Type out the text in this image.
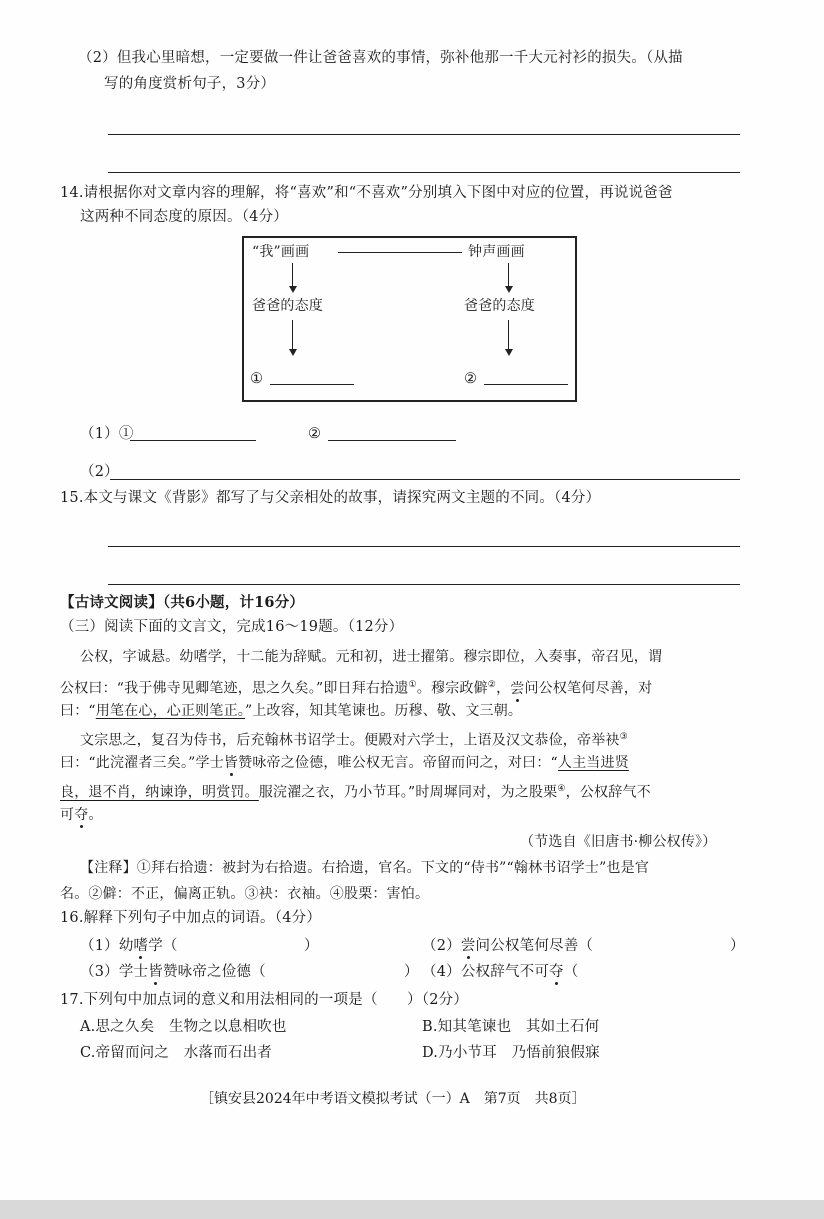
（2）但我心里暗想，一定要做一件让爸爸喜欢的事情，弥补他那一千大元衬衫的损失。（从描
写的角度赏析句子，3分）
14.请根据你对文章内容的理解，将“喜欢”和“不喜欢”分别填入下图中对应的位置，再说说爸爸
这两种不同态度的原因。（4分）
“我”画画	钟声画画
爸爸的态度	爸爸的态度
①	②
（1）①	②
（2）
15.本文与课文《背影》都写了与父亲相处的故事，请探究两文主题的不同。（4分）
【古诗文阅读】（共6小题，计16分）
（三）阅读下面的文言文，完成16～19题。（12分）
公权，字诚悬。幼嗜学，十二能为辞赋。元和初，进士擢第。穆宗即位，入奏事，帝召见，谓
公权曰：“我于佛寺见卿笔迹，思之久矣。”即日拜右拾遗①。穆宗政僻②，尝问公权笔何尽善，对
曰：“用笔在心，心正则笔正。”上改容，知其笔谏也。历穆、敬、文三朝。
文宗思之，复召为侍书，后充翰林书诏学士。便殿对六学士，上语及汉文恭俭，帝举袂③
曰：“此浣濯者三矣。”学士皆赞咏帝之俭德，唯公权无言。帝留而问之，对曰：“人主当进贤
良，退不肖，纳谏诤，明赏罚。服浣濯之衣，乃小节耳。”时周墀同对，为之股栗④，公权辞气不
可夺。
（节选自《旧唐书·柳公权传》）
【注释】①拜右拾遗：被封为右拾遗。右拾遗，官名。下文的“侍书”“翰林书诏学士”也是官
名。②僻：不正，偏离正轨。③袂：衣袖。④股栗：害怕。
16.解释下列句子中加点的词语。（4分）
（1）幼嗜学（	）	（2）尝问公权笔何尽善（	）
（3）学士皆赞咏帝之俭德（	） （4）公权辞气不可夺（
17.下列句中加点词的意义和用法相同的一项是（　　）（2分）
A.思之久矣　生物之以息相吹也	B.知其笔谏也　其如土石何
C.帝留而问之　水落而石出者	D.乃小节耳　乃悟前狼假寐
［镇安县2024年中考语文模拟考试（一）A　第7页　共8页］
